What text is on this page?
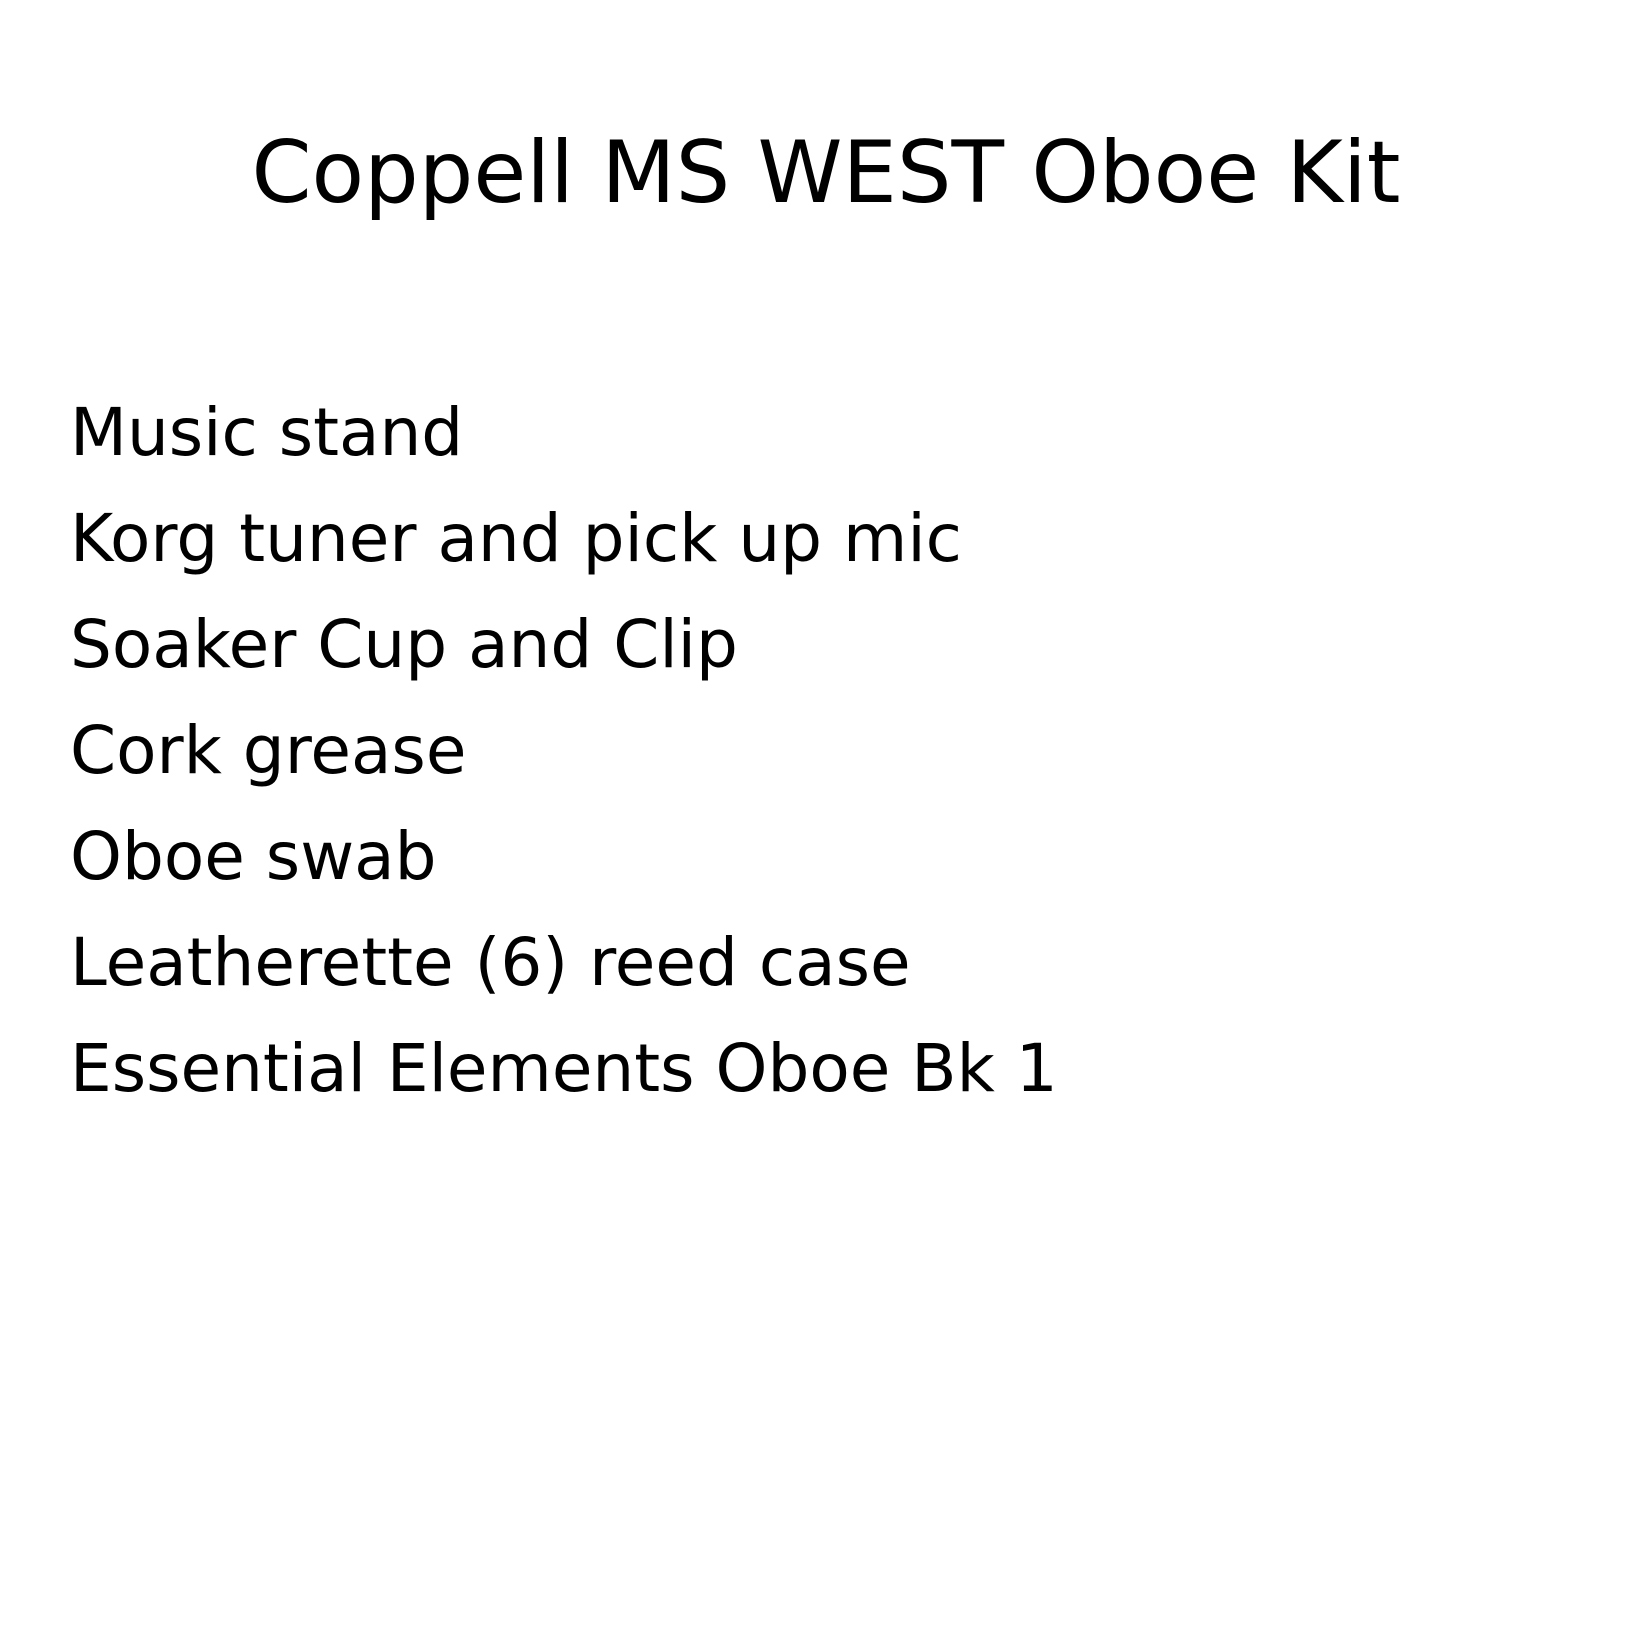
Coppell MS WEST Oboe Kit
Music stand
Korg tuner and pick up mic
Soaker Cup and Clip
Cork grease
Oboe swab
Leatherette (6) reed case
Essential Elements Oboe Bk 1
